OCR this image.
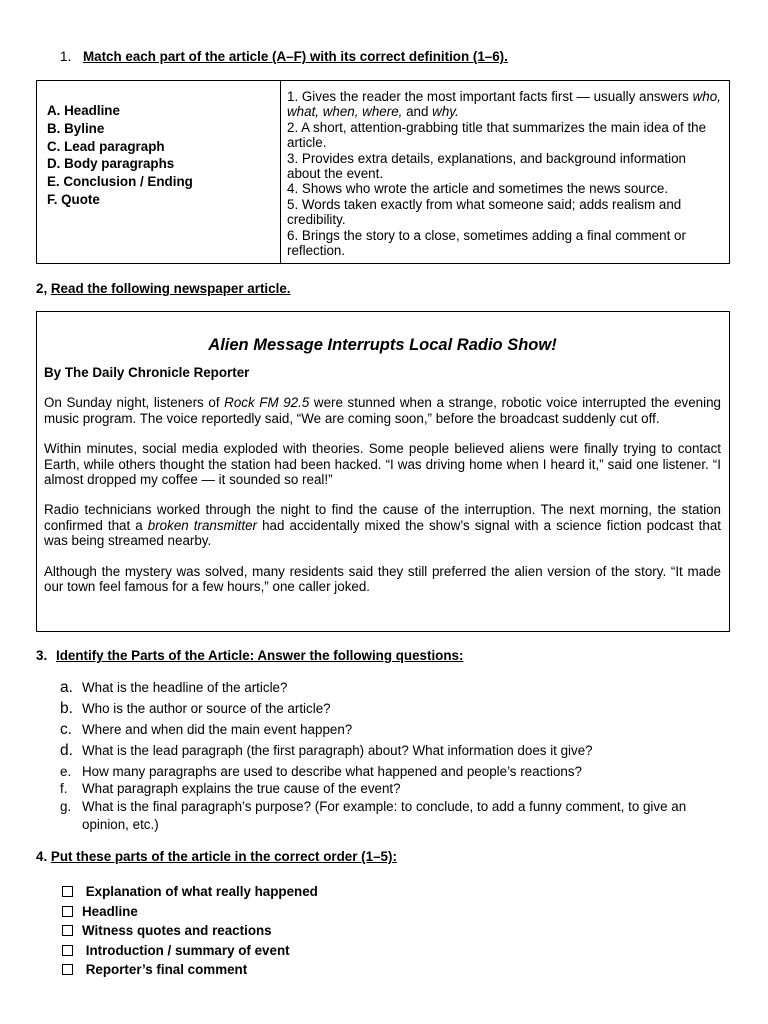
1. Match each part of the article (A–F) with its correct definition (1–6).
A. Headline
B. Byline
C. Lead paragraph
D. Body paragraphs
E. Conclusion / Ending
F. Quote
1. Gives the reader the most important facts first — usually answers who, what, when, where, and why.
2. A short, attention-grabbing title that summarizes the main idea of the article.
3. Provides extra details, explanations, and background information about the event.
4. Shows who wrote the article and sometimes the news source.
5. Words taken exactly from what someone said; adds realism and credibility.
6. Brings the story to a close, sometimes adding a final comment or reflection.
2, Read the following newspaper article.
Alien Message Interrupts Local Radio Show!
By The Daily Chronicle Reporter
On Sunday night, listeners of Rock FM 92.5 were stunned when a strange, robotic voice interrupted the evening music program. The voice reportedly said, “We are coming soon,” before the broadcast suddenly cut off.
Within minutes, social media exploded with theories. Some people believed aliens were finally trying to contact Earth, while others thought the station had been hacked. “I was driving home when I heard it,” said one listener. “I almost dropped my coffee — it sounded so real!”
Radio technicians worked through the night to find the cause of the interruption. The next morning, the station confirmed that a broken transmitter had accidentally mixed the show’s signal with a science fiction podcast that was being streamed nearby.
Although the mystery was solved, many residents said they still preferred the alien version of the story. “It made our town feel famous for a few hours,” one caller joked.
3. Identify the Parts of the Article: Answer the following questions:
a. What is the headline of the article?
b. Who is the author or source of the article?
c. Where and when did the main event happen?
d. What is the lead paragraph (the first paragraph) about? What information does it give?
e. How many paragraphs are used to describe what happened and people’s reactions?
f.	What paragraph explains the true cause of the event?
g. What is the final paragraph’s purpose? (For example: to conclude, to add a funny comment, to give an opinion, etc.)
4. Put these parts of the article in the correct order (1–5):
Explanation of what really happened
Headline
Witness quotes and reactions
Introduction / summary of event
Reporter’s final comment
